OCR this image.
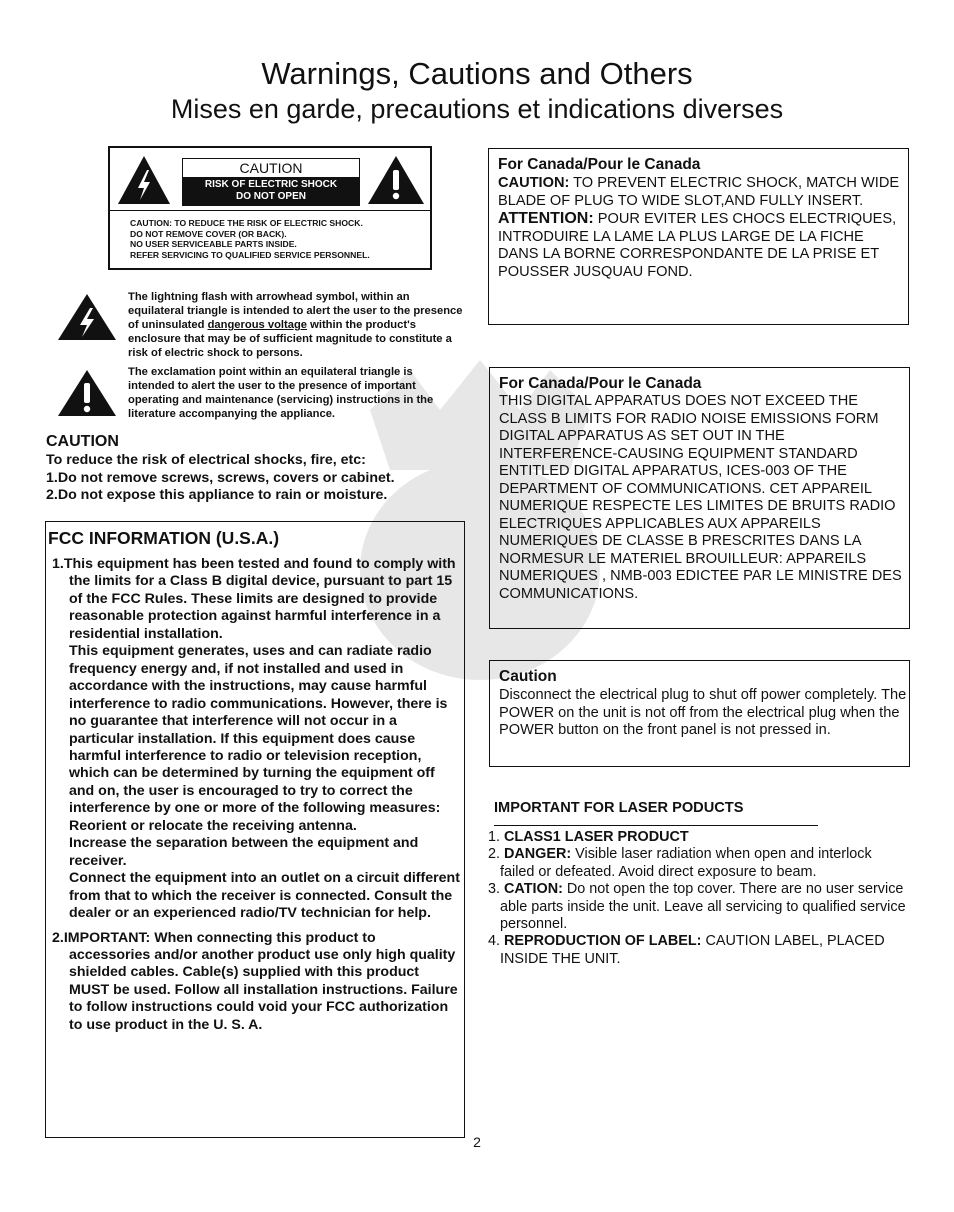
Warnings, Cautions and Others
Mises en garde, precautions et indications diverses
CAUTION
RISK OF ELECTRIC SHOCK
DO NOT OPEN
CAUTION: TO REDUCE THE RISK OF ELECTRIC SHOCK.
DO NOT REMOVE COVER (OR BACK).
NO USER SERVICEABLE PARTS INSIDE.
REFER SERVICING TO QUALIFIED SERVICE PERSONNEL.
The lightning flash with arrowhead symbol, within an equilateral triangle is intended to alert the user to the presence of uninsulated dangerous voltage within the product's enclosure that may be of sufficient magnitude to constitute a risk of electric shock to persons.
The exclamation point within an equilateral triangle is intended to alert the user to the presence of important operating and maintenance (servicing) instructions in the literature accompanying the appliance.
CAUTION
To reduce the risk of electrical shocks, fire, etc:
1.Do not remove screws, screws, covers or cabinet.
2.Do not expose this appliance to rain or moisture.
FCC INFORMATION (U.S.A.)

1.This equipment has been tested and found to comply with the limits for a Class B digital device, pursuant to part 15 of the FCC Rules. These limits are designed to provide reasonable protection against harmful interference in a residential installation.

This equipment generates, uses and can radiate radio frequency energy and, if not installed and used in accordance with the instructions, may cause harmful interference to radio communications. However, there is no guarantee that interference will not occur in a particular installation. If this equipment does cause harmful interference to radio or television reception, which can be determined by turning the equipment off and on, the user is encouraged to try to correct the interference by one or more of the following measures:

Reorient or relocate the receiving antenna.

Increase the separation between the equipment and receiver.

Connect the equipment into an outlet on a circuit different from that to which the receiver is connected. Consult the dealer or an experienced radio/TV technician for help.

2.IMPORTANT: When connecting this product to accessories and/or another product use only high quality shielded cables. Cable(s) supplied with this product MUST be used. Follow all installation instructions. Failure to follow instructions could void your FCC authorization to use product in the U. S. A.

For Canada/Pour le Canada
CAUTION: TO PREVENT ELECTRIC SHOCK, MATCH WIDE BLADE OF PLUG TO WIDE SLOT,AND FULLY INSERT.
ATTENTION: POUR EVITER LES CHOCS ELECTRIQUES, INTRODUIRE LA LAME LA PLUS LARGE DE LA FICHE DANS LA BORNE CORRESPONDANTE DE LA PRISE ET POUSSER JUSQUAU FOND.
For Canada/Pour le Canada
THIS DIGITAL APPARATUS DOES NOT EXCEED THE CLASS B LIMITS FOR RADIO NOISE EMISSIONS FORM DIGITAL APPARATUS AS SET OUT IN THE INTERFERENCE-CAUSING EQUIPMENT STANDARD ENTITLED DIGITAL APPARATUS, ICES-003 OF THE DEPARTMENT OF COMMUNICATIONS. CET APPAREIL NUMERIQUE RESPECTE LES LIMITES DE BRUITS RADIO ELECTRIQUES APPLICABLES AUX APPAREILS NUMERIQUES DE CLASSE B PRESCRITES DANS LA NORMESUR LE MATERIEL BROUILLEUR: APPAREILS NUMERIQUES , NMB-003 EDICTEE PAR LE MINISTRE DES COMMUNICATIONS.
Caution
Disconnect the electrical plug to shut off power completely. The POWER on the unit is not off from the electrical plug when the POWER button on the front panel is not pressed in.
IMPORTANT FOR LASER PODUCTS
1. CLASS1 LASER PRODUCT
2. DANGER: Visible laser radiation when open and interlock failed or defeated. Avoid direct exposure to beam.
3. CATION: Do not open the top cover. There are no user service able parts inside the unit. Leave all servicing to qualified service personnel.
4. REPRODUCTION OF LABEL: CAUTION LABEL, PLACED INSIDE THE UNIT.
2
